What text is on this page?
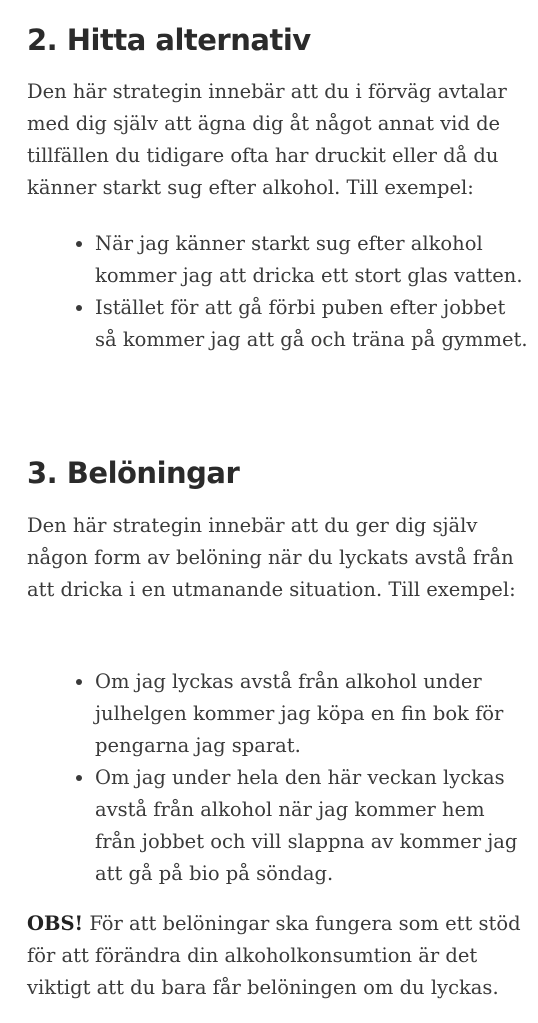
2. Hitta alternativ

Den här strategin innebär att du i förväg avtalar med dig själv att ägna dig åt något annat vid de tillfällen du tidigare ofta har druckit eller då du känner starkt sug efter alkohol. Till exempel:

• När jag känner starkt sug efter alkohol kommer jag att dricka ett stort glas vatten.
• Istället för att gå förbi puben efter jobbet så kommer jag att gå och träna på gymmet.
3. Belöningar

Den här strategin innebär att du ger dig själv någon form av belöning när du lyckats avstå från att dricka i en utmanande situation. Till exempel:

• Om jag lyckas avstå från alkohol under julhelgen kommer jag köpa en fin bok för pengarna jag sparat.
• Om jag under hela den här veckan lyckas avstå från alkohol när jag kommer hem från jobbet och vill slappna av kommer jag att gå på bio på söndag.

OBS! För att belöningar ska fungera som ett stöd för att förändra din alkoholkonsumtion är det viktigt att du bara får belöningen om du lyckas.
